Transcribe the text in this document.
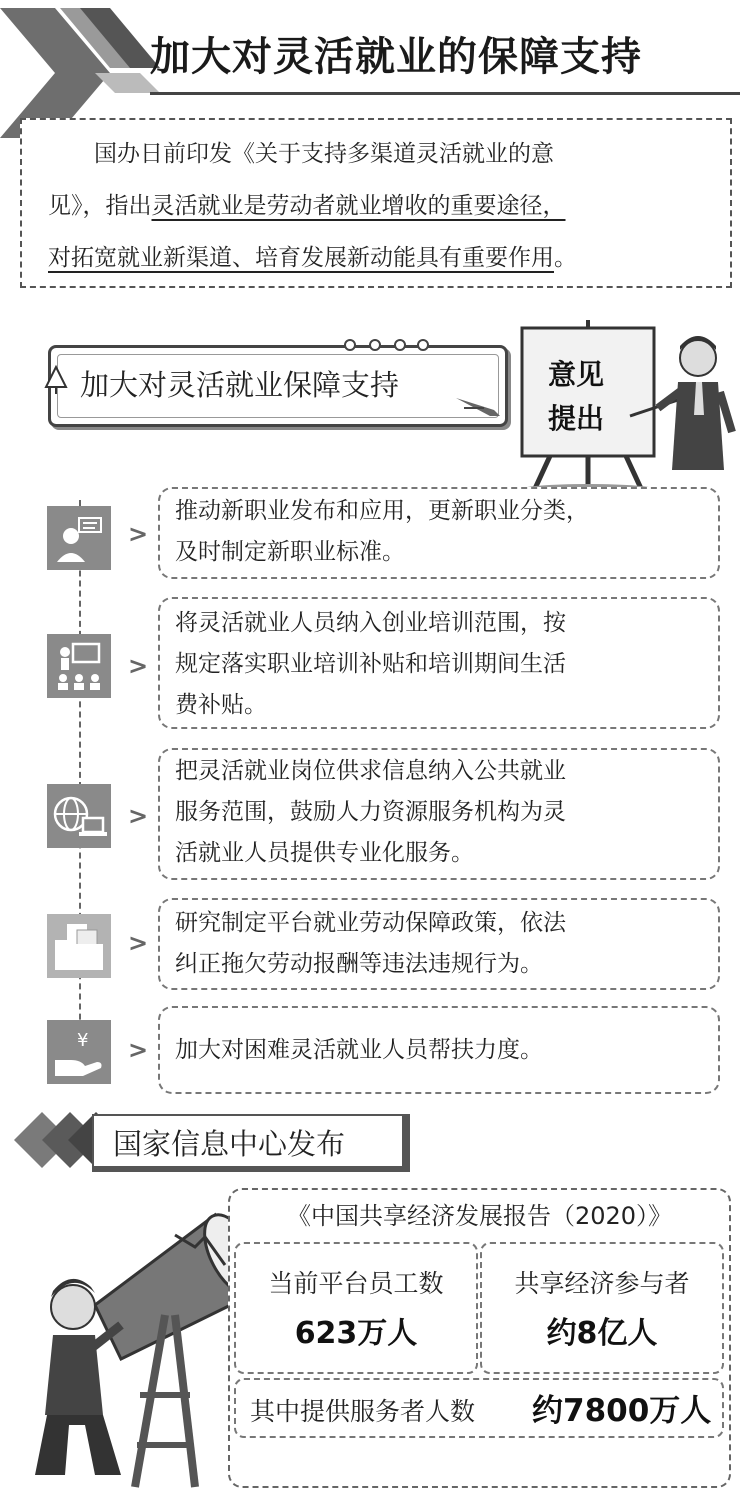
加大对灵活就业的保障支持
国办日前印发《关于支持多渠道灵活就业的意
见》，指出灵活就业是劳动者就业增收的重要途径，
对拓宽就业新渠道、培育发展新动能具有重要作用。
加大对灵活就业保障支持	意见
提出
>
推动新职业发布和应用，更新职业分类，
及时制定新职业标准。
>
将灵活就业人员纳入创业培训范围，按
规定落实职业培训补贴和培训期间生活
费补贴。
>
把灵活就业岗位供求信息纳入公共就业
服务范围，鼓励人力资源服务机构为灵
活就业人员提供专业化服务。
>
研究制定平台就业劳动保障政策，依法
纠正拖欠劳动报酬等违法违规行为。
¥ > 加大对困难灵活就业人员帮扶力度。
国家信息中心发布
《中国共享经济发展报告（2020）》
当前平台员工数
623万人
共享经济参与者
约8亿人
其中提供服务者人数 约7800万人
